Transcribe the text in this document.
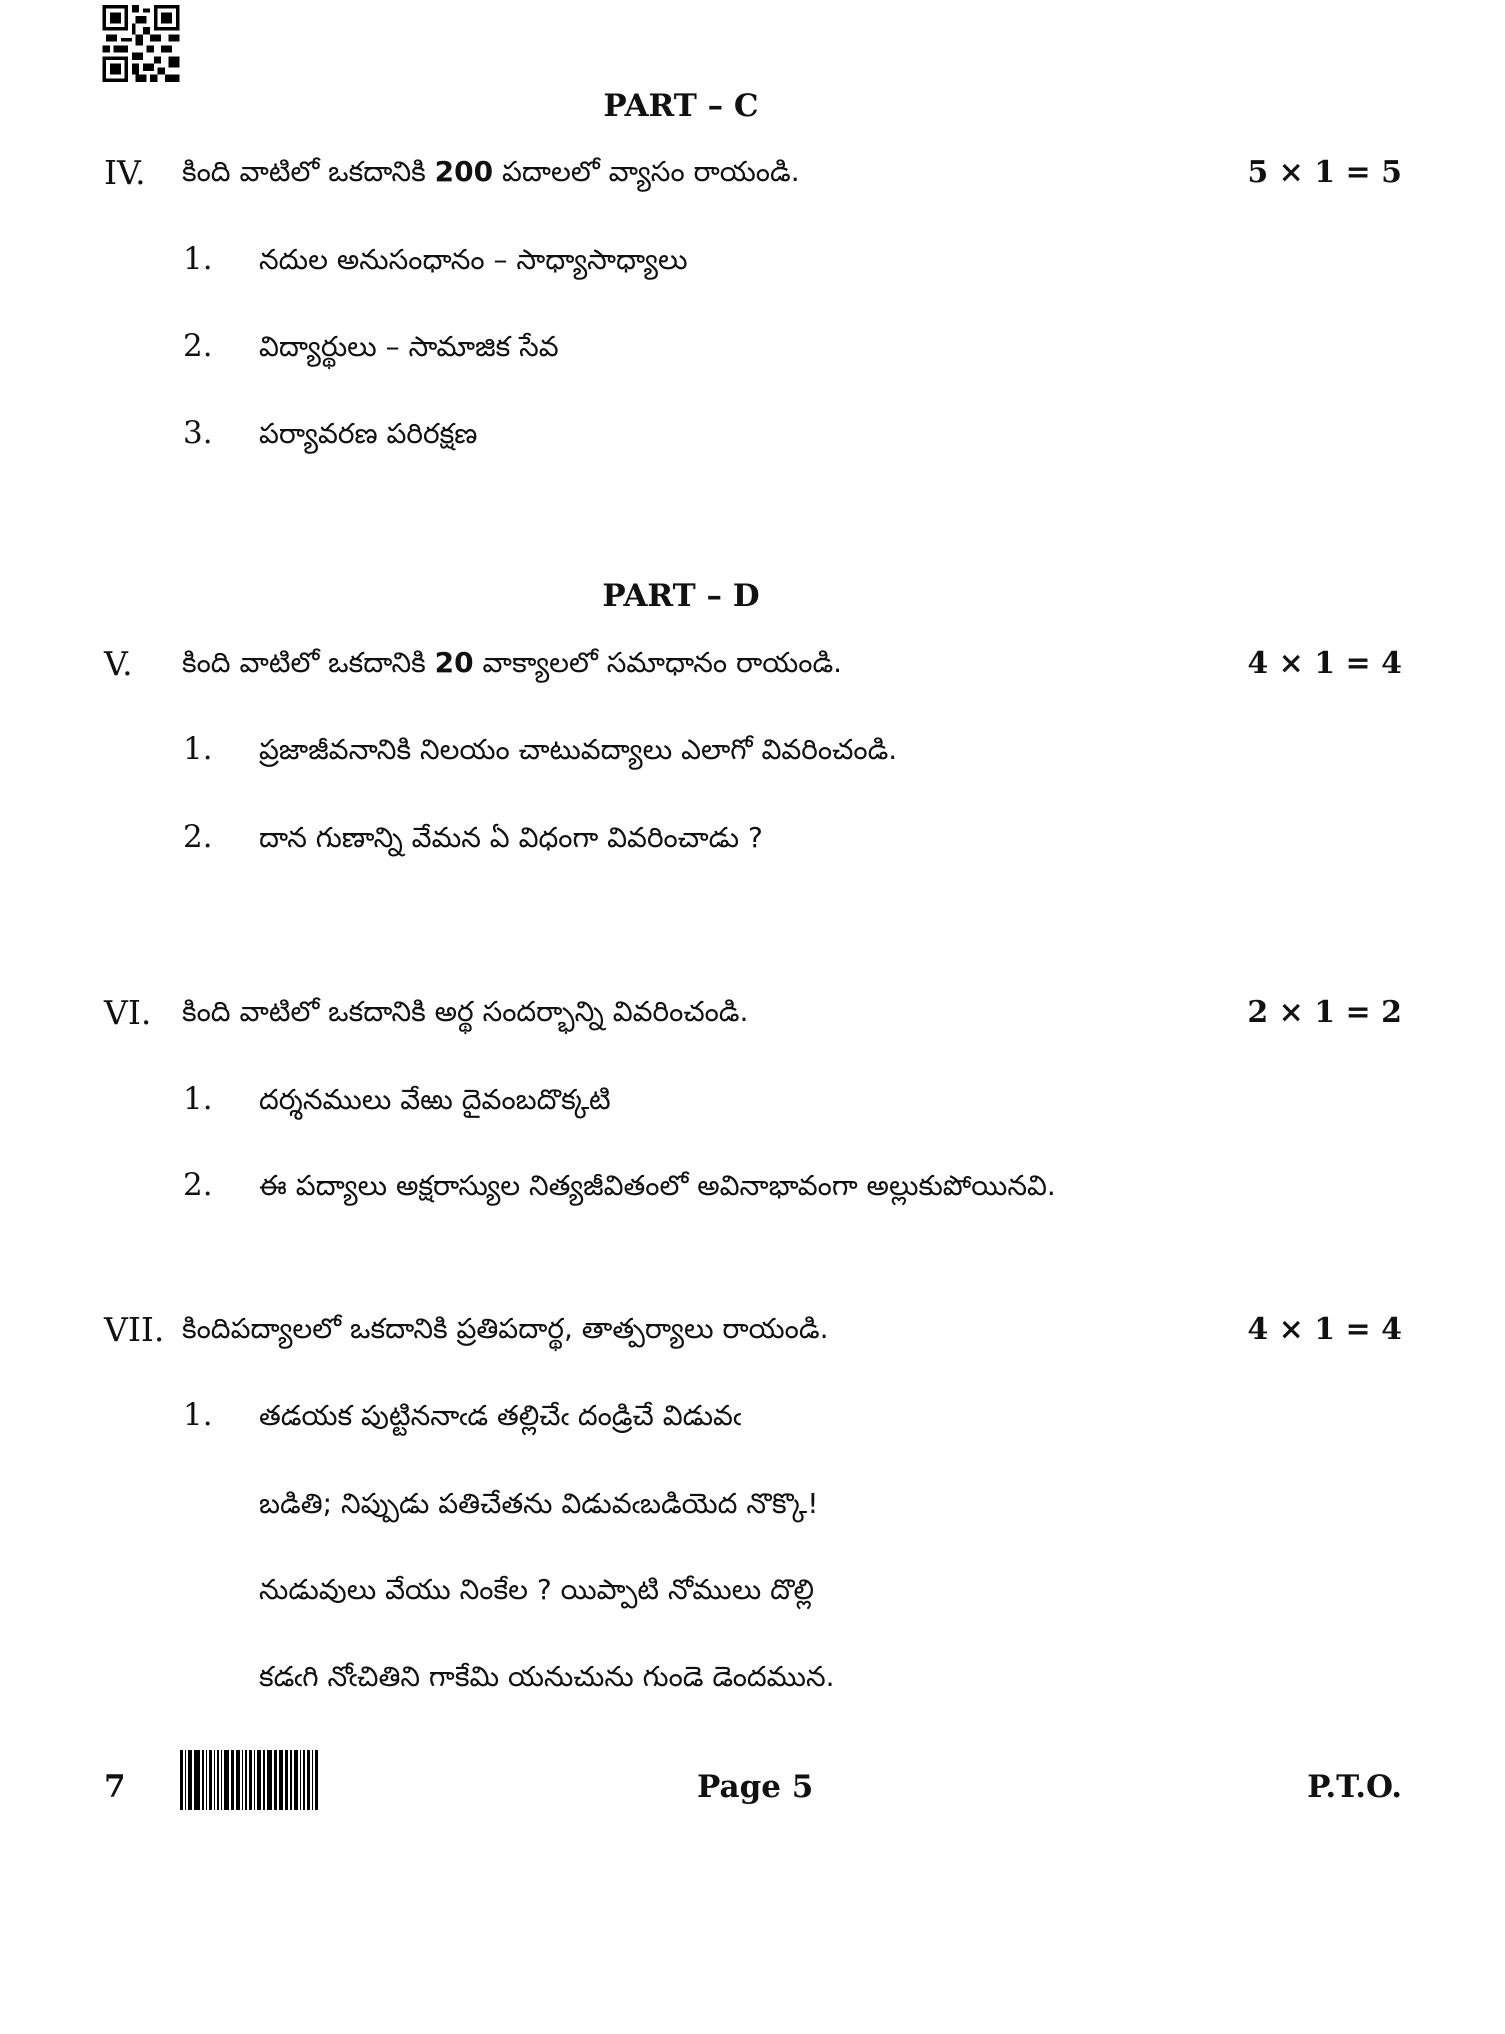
PART – C
IV. కింది వాటిలో ఒకదానికి 200 పదాలలో వ్యాసం రాయండి.	5 × 1 = 5
1. నదుల అనుసంధానం – సాధ్యాసాధ్యాలు
2. విద్యార్థులు – సామాజిక సేవ
3. పర్యావరణ పరిరక్షణ
PART – D
V. కింది వాటిలో ఒకదానికి 20 వాక్యాలలో సమాధానం రాయండి.	4 × 1 = 4
1. ప్రజాజీవనానికి నిలయం చాటువద్యాలు ఎలాగో వివరించండి.
2. దాన గుణాన్ని వేమన ఏ విధంగా వివరించాడు ?
VI. కింది వాటిలో ఒకదానికి అర్థ సందర్భాన్ని వివరించండి.	2 × 1 = 2
1. దర్శనములు వేఱు దైవంబదొక్కటి
2. ఈ పద్యాలు అక్షరాస్యుల నిత్యజీవితంలో అవినాభావంగా అల్లుకుపోయినవి.
VII. కిందిపద్యాలలో ఒకదానికి ప్రతిపదార్థ, తాత్పర్యాలు రాయండి.	4 × 1 = 4
1. తడయక పుట్టిననాఁడ తల్లిచేఁ దండ్రిచే విడువఁ
బడితి; నిప్పుడు పతిచేతను విడువఁబడియెద నొక్కొ!
నుడువులు వేయు నింకేల ? యిప్పాటి నోములు దొల్లి
కడఁగి నోఁచితిని గాకేమి యనుచును గుండె డెందమున.
7	Page 5	P.T.O.
